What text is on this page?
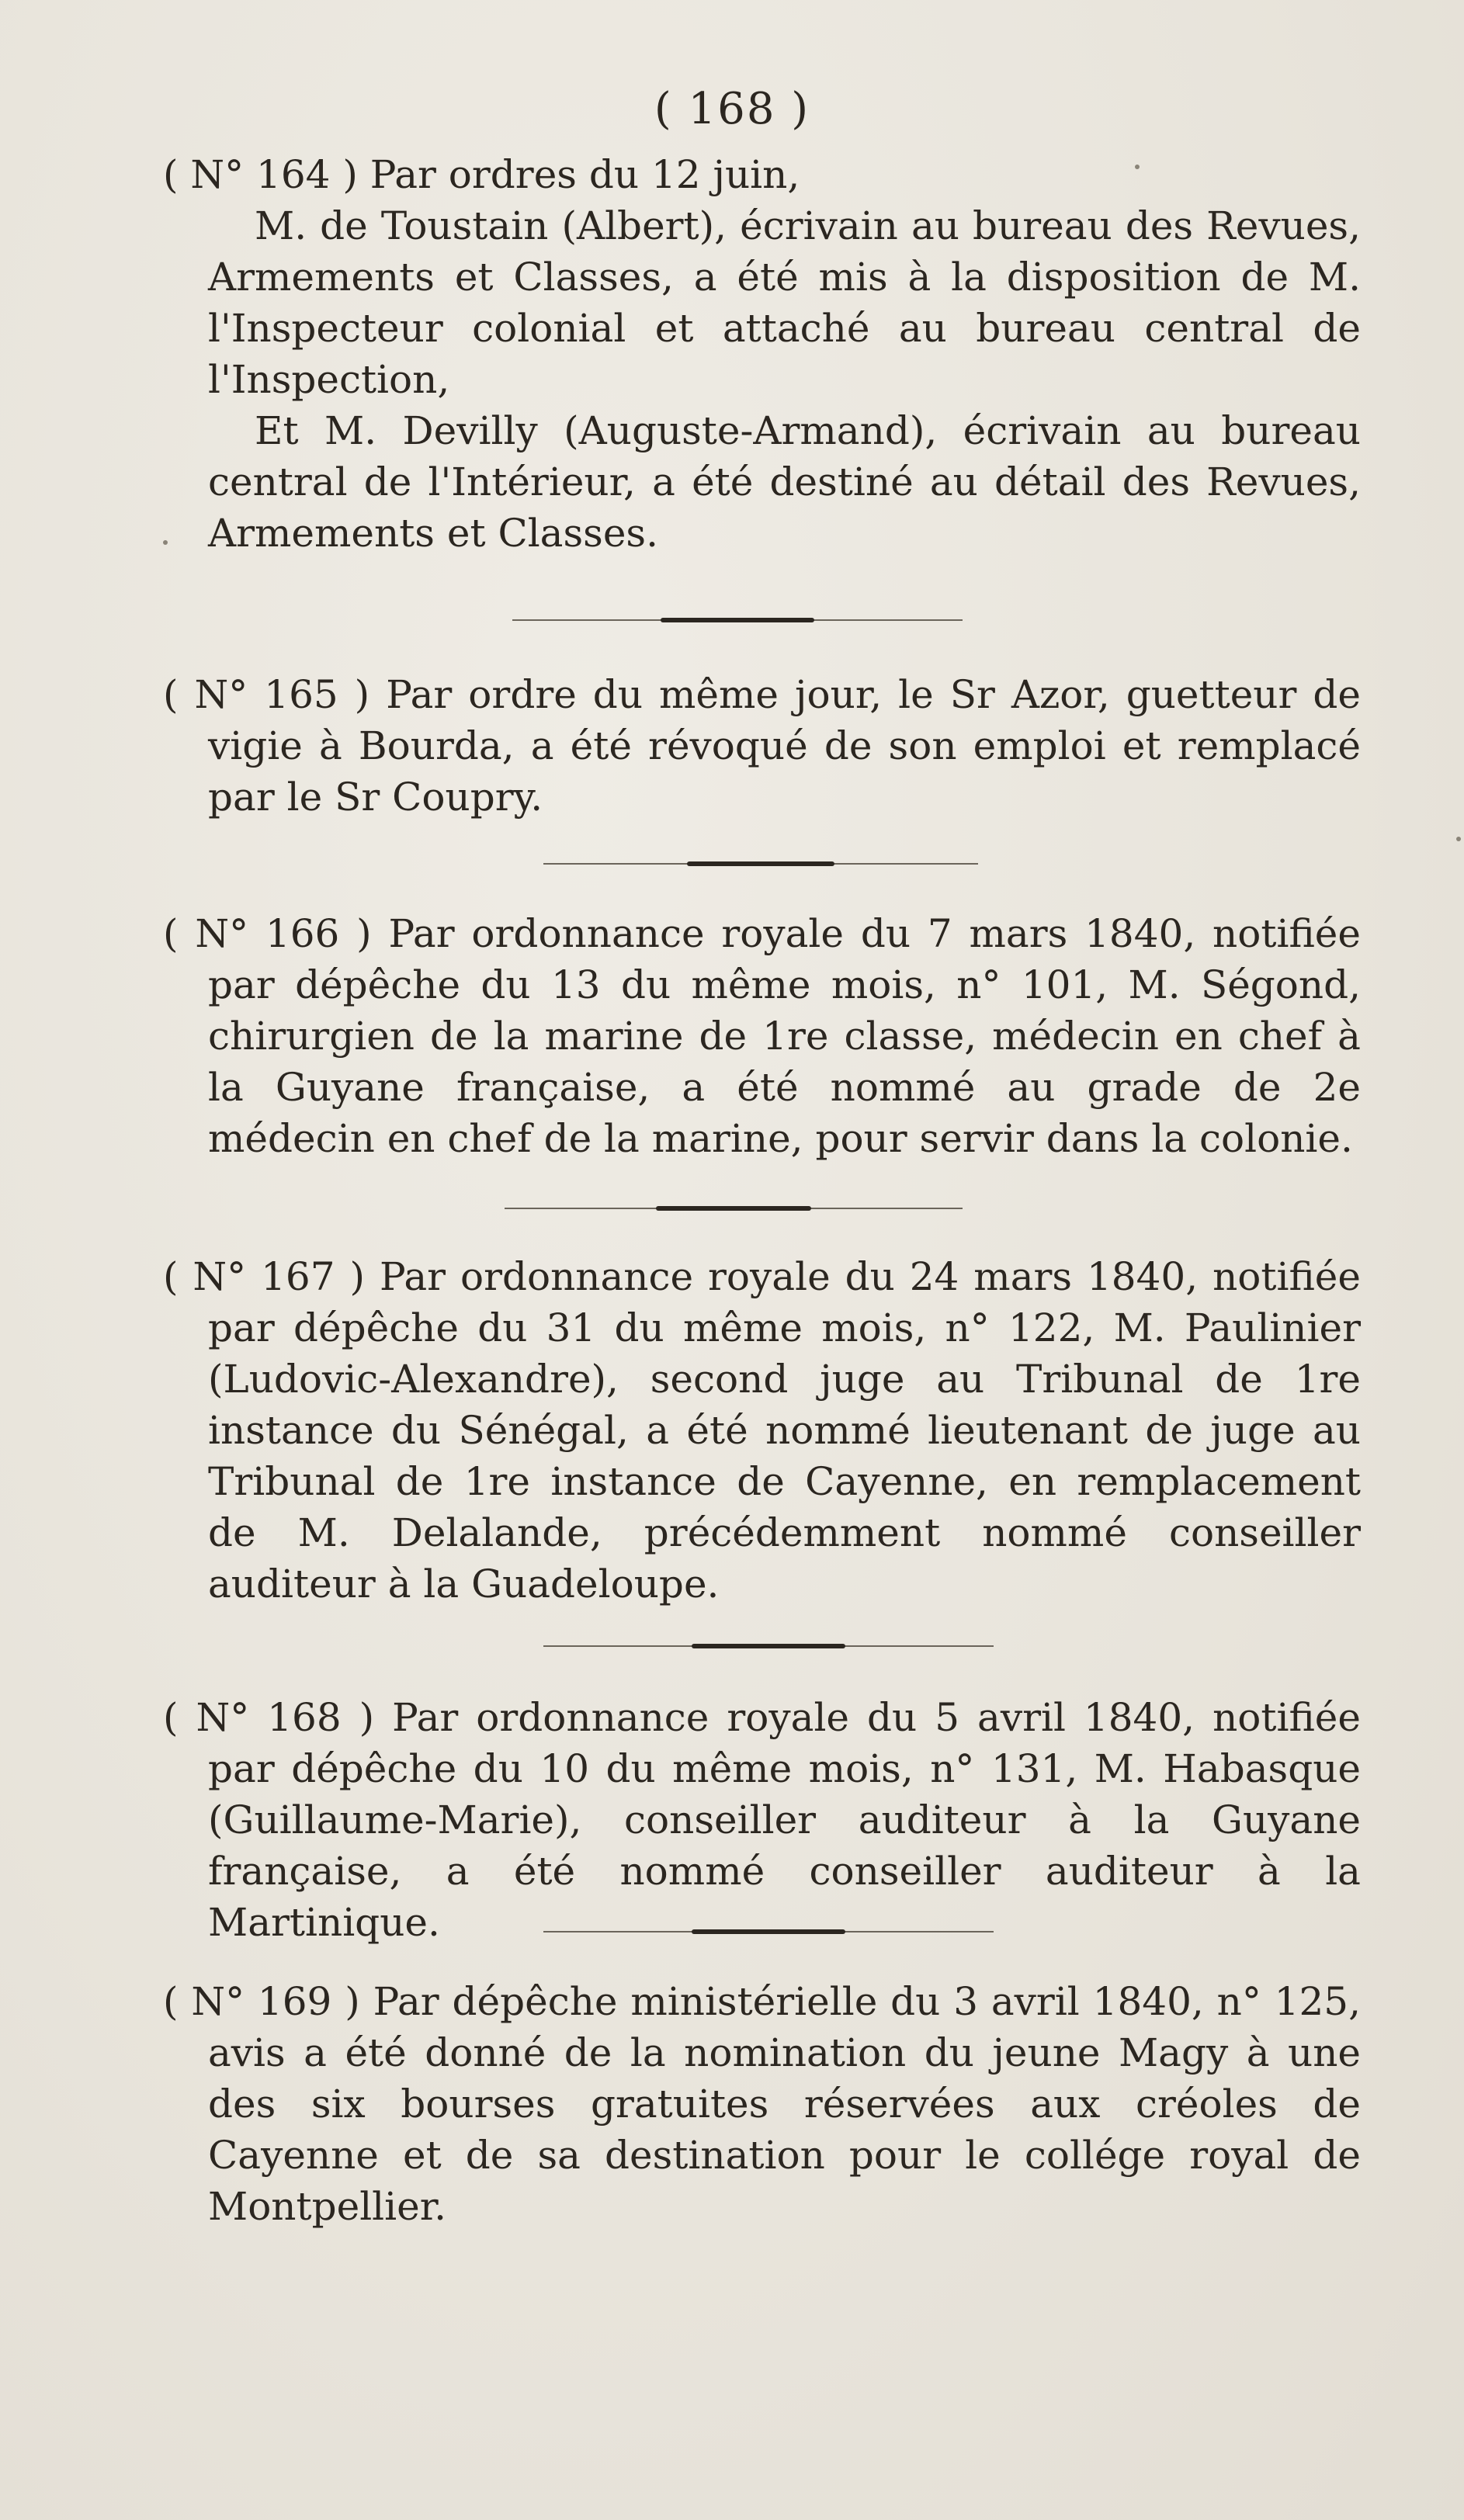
( 168 )

( N° 164 ) Par ordres du 12 juin,

M. de Toustain (Albert), écrivain au bureau des Revues, Armements et Classes, a été mis à la disposition de M. l'Inspecteur colonial et attaché au bureau central de l'Inspection,

Et M. Devilly (Auguste-Armand), écrivain au bureau central de l'Intérieur, a été destiné au détail des Revues, Armements et Classes.

( N° 165 ) Par ordre du même jour, le Sr Azor, guetteur de vigie à Bourda, a été révoqué de son emploi et remplacé par le Sr Coupry.

( N° 166 ) Par ordonnance royale du 7 mars 1840, notifiée par dépêche du 13 du même mois, n° 101, M. Ségond, chirurgien de la marine de 1re classe, médecin en chef à la Guyane française, a été nommé au grade de 2e médecin en chef de la marine, pour servir dans la colonie.

( N° 167 ) Par ordonnance royale du 24 mars 1840, notifiée par dépêche du 31 du même mois, n° 122, M. Paulinier (Ludovic-Alexandre), second juge au Tribunal de 1re instance du Sénégal, a été nommé lieutenant de juge au Tribunal de 1re instance de Cayenne, en remplacement de M. Delalande, précédemment nommé conseiller auditeur à la Guadeloupe.

( N° 168 ) Par ordonnance royale du 5 avril 1840, notifiée par dépêche du 10 du même mois, n° 131, M. Habasque (Guillaume-Marie), conseiller auditeur à la Guyane française, a été nommé conseiller auditeur à la Martinique.

( N° 169 ) Par dépêche ministérielle du 3 avril 1840, n° 125, avis a été donné de la nomination du jeune Magy à une des six bourses gratuites réservées aux créoles de Cayenne et de sa destination pour le collége royal de Montpellier.
